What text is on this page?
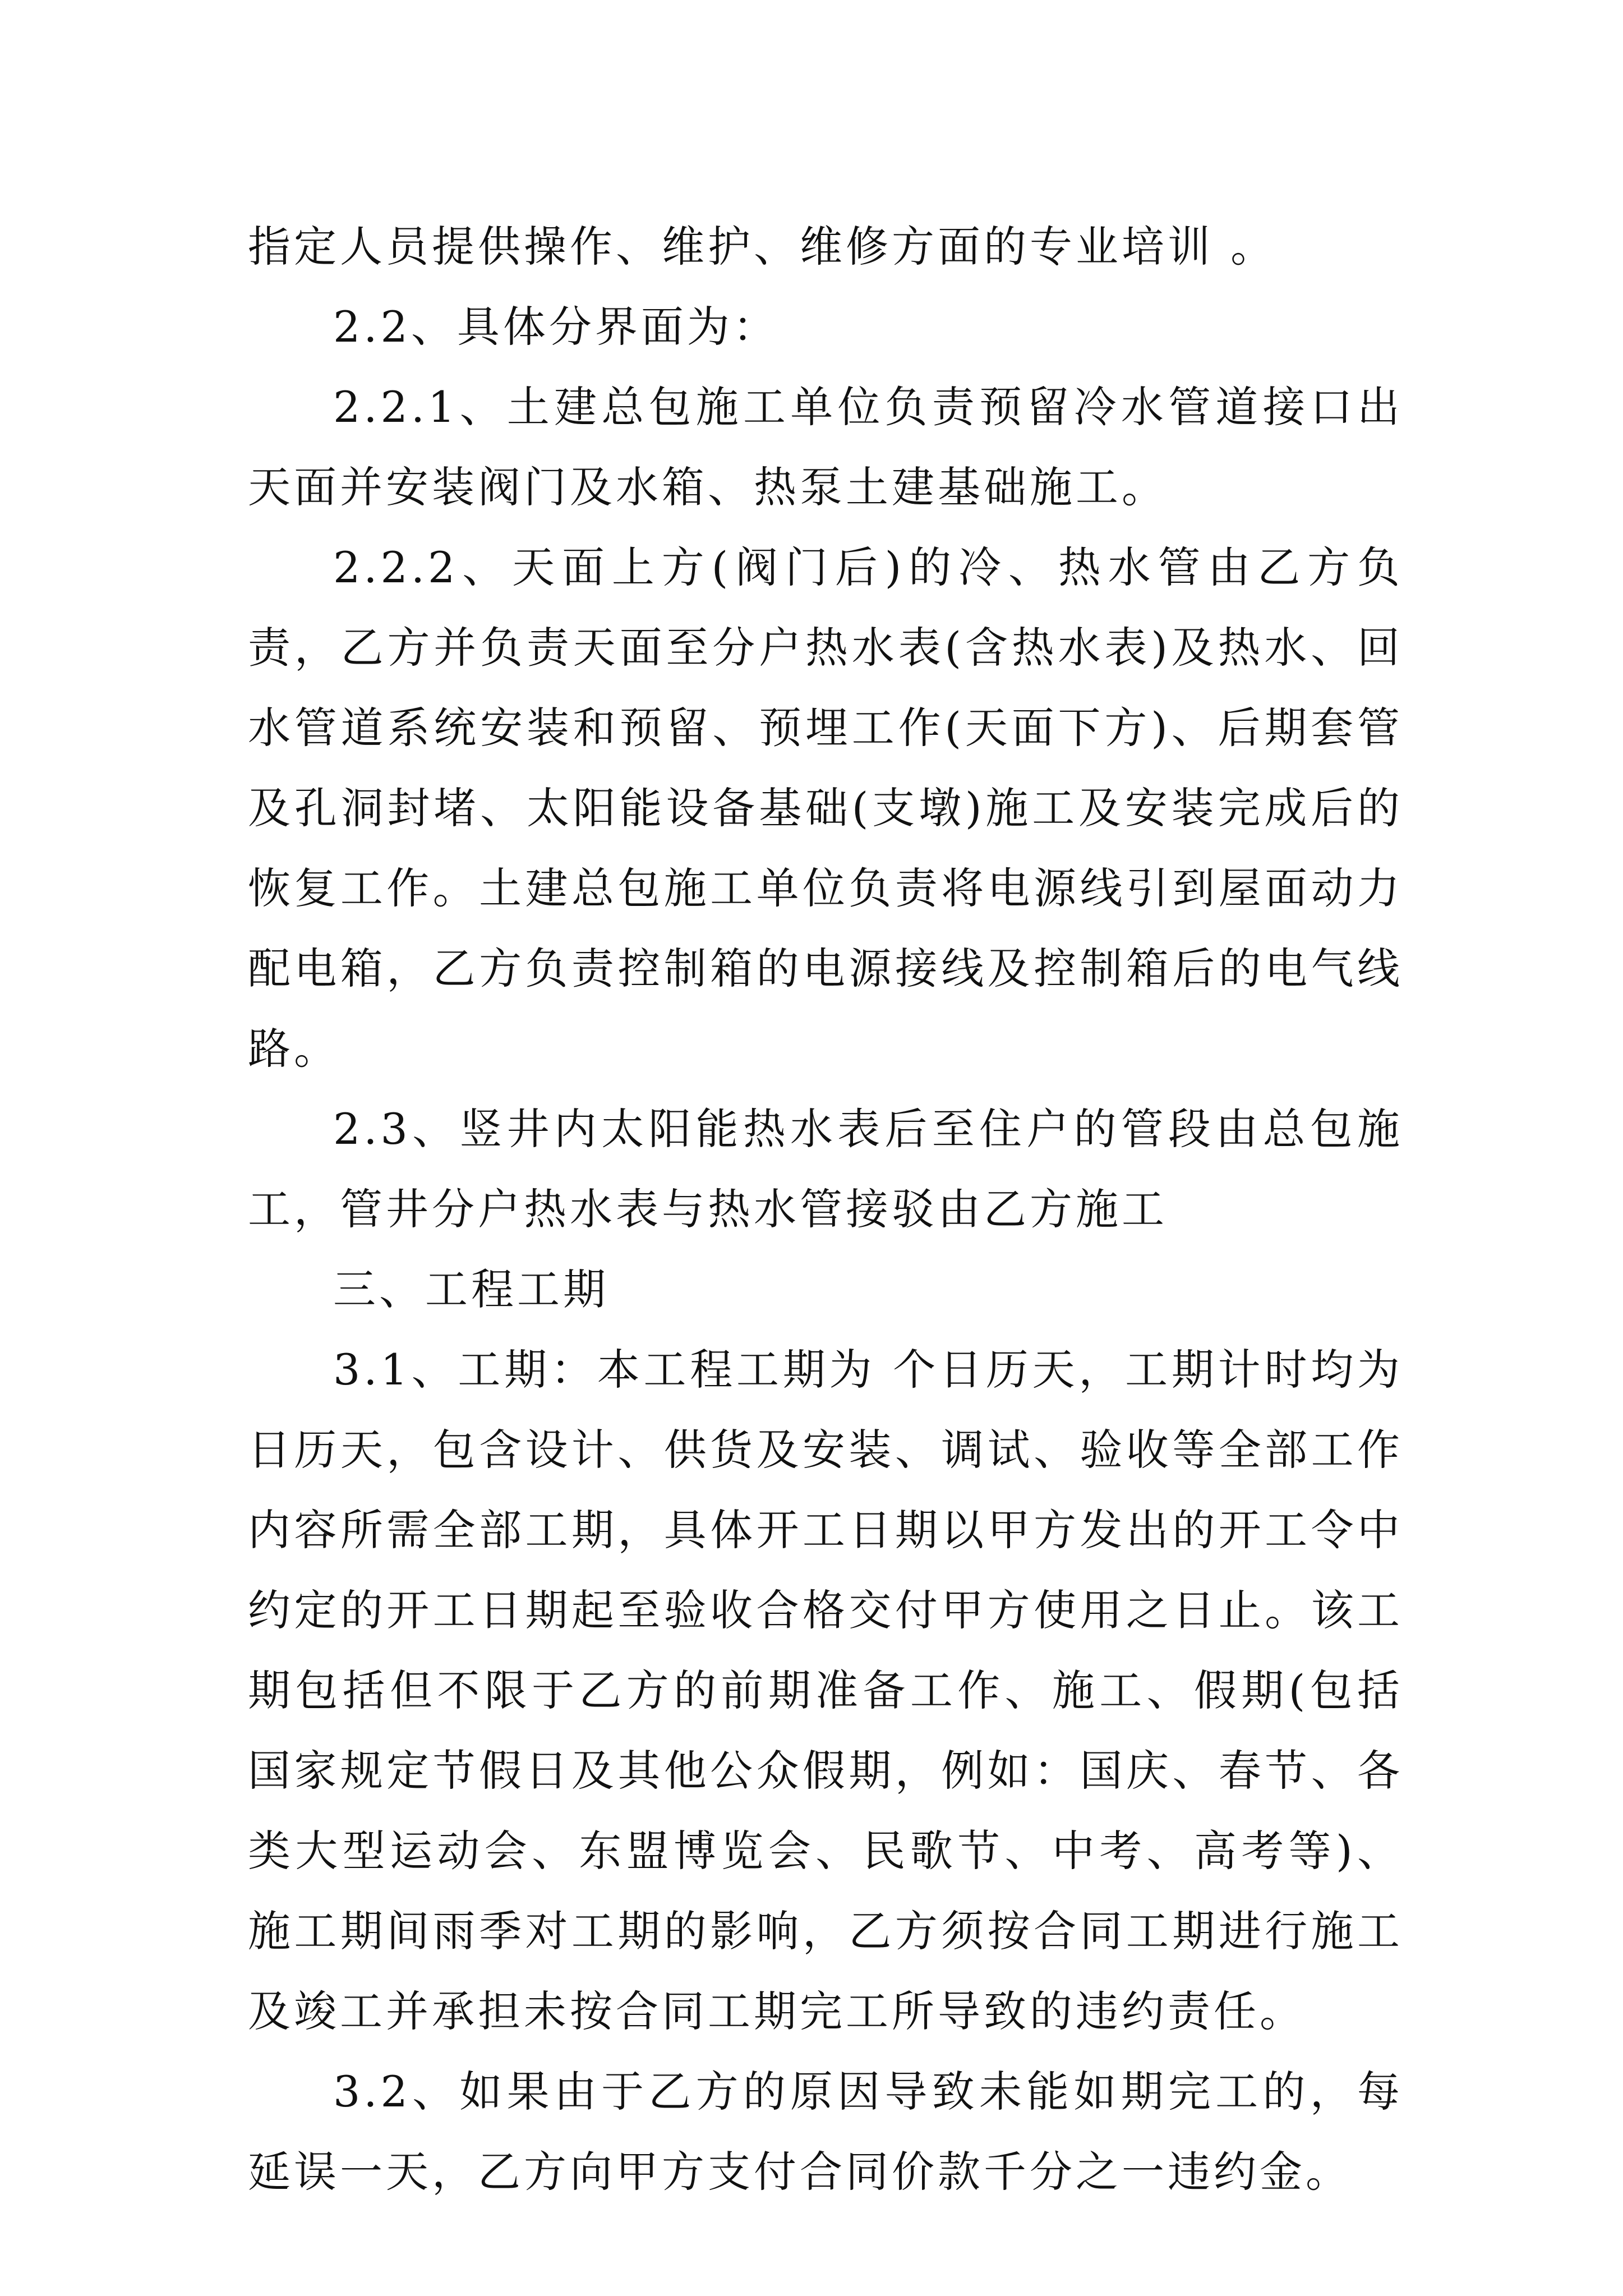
指定人员提供操作、维护、维修方面的专业培训 。

2.2、具体分界面为：

2.2.1、土建总包施工单位负责预留冷水管道接口出天面并安装阀门及水箱、热泵土建基础施工。

2.2.2、天面上方(阀门后)的冷、热水管由乙方负责，乙方并负责天面至分户热水表(含热水表)及热水、回水管道系统安装和预留、预埋工作(天面下方)、后期套管及孔洞封堵、太阳能设备基础(支墩)施工及安装完成后的恢复工作。土建总包施工单位负责将电源线引到屋面动力配电箱，乙方负责控制箱的电源接线及控制箱后的电气线路。

2.3、竖井内太阳能热水表后至住户的管段由总包施工，管井分户热水表与热水管接驳由乙方施工

三、工程工期

3.1、工期：本工程工期为 个日历天，工期计时均为日历天，包含设计、供货及安装、调试、验收等全部工作内容所需全部工期，具体开工日期以甲方发出的开工令中约定的开工日期起至验收合格交付甲方使用之日止。该工期包括但不限于乙方的前期准备工作、施工、假期(包括国家规定节假日及其他公众假期，例如：国庆、春节、各类大型运动会、东盟博览会、民歌节、中考、高考等)、施工期间雨季对工期的影响，乙方须按合同工期进行施工及竣工并承担未按合同工期完工所导致的违约责任。

3.2、如果由于乙方的原因导致未能如期完工的，每延误一天，乙方向甲方支付合同价款千分之一违约金。
